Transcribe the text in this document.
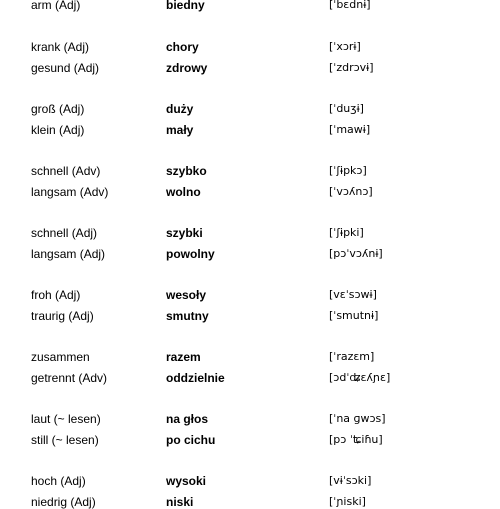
arm (Adj)	biedny	[ˈbɛdnɨ]
krank (Adj)	chory	[ˈxɔrɨ]
gesund (Adj)	zdrowy	[ˈzdrɔvɨ]
groß (Adj)	duży	[ˈduʒɨ]
klein (Adj)	mały	[ˈmawɨ]
schnell (Adv)	szybko	[ˈʃɨpkɔ]
langsam (Adv)	wolno	[ˈvɔʎnɔ]
schnell (Adj)	szybki	[ˈʃɨpki]
langsam (Adj)	powolny	[pɔˈvɔʎnɨ]
froh (Adj)	wesoły	[vɛˈsɔwɨ]
traurig (Adj)	smutny	[ˈsmutnɨ]
zusammen	razem	[ˈrazɛm]
getrennt (Adv)	oddzielnie	[ɔdˈʥɛʎɲɛ]
laut (~ lesen)	na głos	[ˈna ɡwɔs]
still (~ lesen)	po cichu	[pɔ ˈʨiɦu]
hoch (Adj)	wysoki	[vɨˈsɔki]
niedrig (Adj)	niski	[ˈɲiski]
